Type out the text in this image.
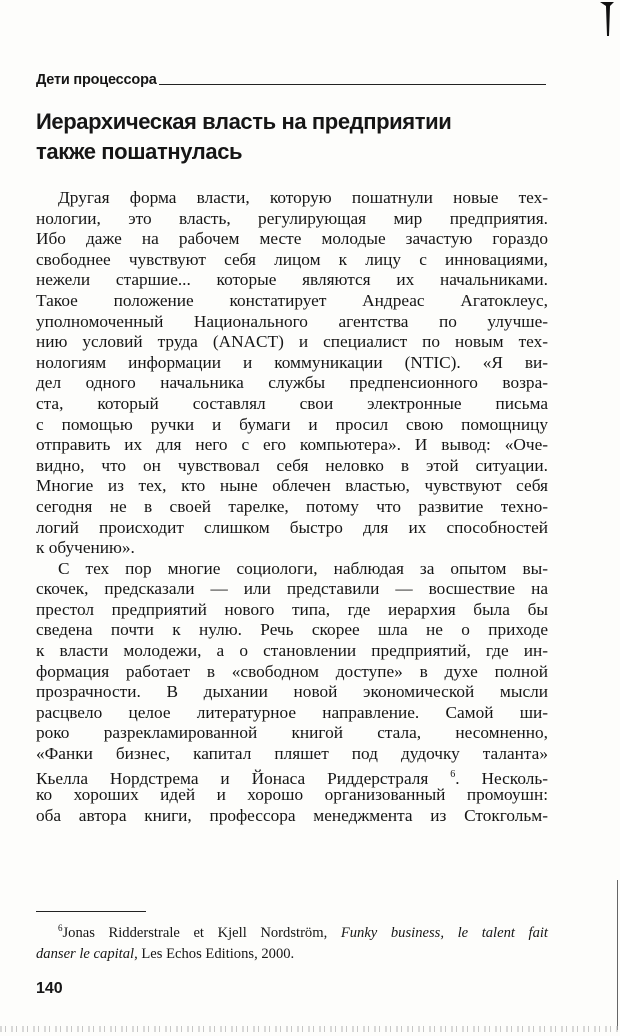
Дети процессора
Иерархическая власть на предприятии
также пошатнулась
Другая форма власти, которую пошатнули новые тех-
нологии, это власть, регулирующая мир предприятия.
Ибо даже на рабочем месте молодые зачастую гораздо
свободнее чувствуют себя лицом к лицу с инновациями,
нежели старшие... которые являются их начальниками.
Такое положение констатирует Андреас Агатоклеус,
уполномоченный Национального агентства по улучше-
нию условий труда (ANACT) и специалист по новым тех-
нологиям информации и коммуникации (NTIC). «Я ви-
дел одного начальника службы предпенсионного возра-
ста, который составлял свои электронные письма
с помощью ручки и бумаги и просил свою помощницу
отправить их для него с его компьютера». И вывод: «Оче-
видно, что он чувствовал себя неловко в этой ситуации.
Многие из тех, кто ныне облечен властью, чувствуют себя
сегодня не в своей тарелке, потому что развитие техно-
логий происходит слишком быстро для их способностей
к обучению».
С тех пор многие социологи, наблюдая за опытом вы-
скочек, предсказали — или представили — восшествие на
престол предприятий нового типа, где иерархия была бы
сведена почти к нулю. Речь скорее шла не о приходе
к власти молодежи, а о становлении предприятий, где ин-
формация работает в «свободном доступе» в духе полной
прозрачности. В дыхании новой экономической мысли
расцвело целое литературное направление. Самой ши-
роко разрекламированной книгой стала, несомненно,
«Фанки бизнес, капитал пляшет под дудочку таланта»
Кьелла Нордстрема и Йонаса Риддерстраля $^6$. Несколь-
ко хороших идей и хорошо организованный промоушн:
оба автора книги, профессора менеджмента из Стокгольм-
$^6$Jonas Ridderstrale et Kjell Nordström, Funky business, le talent fait
danser le capital, Les Echos Editions, 2000.
140
